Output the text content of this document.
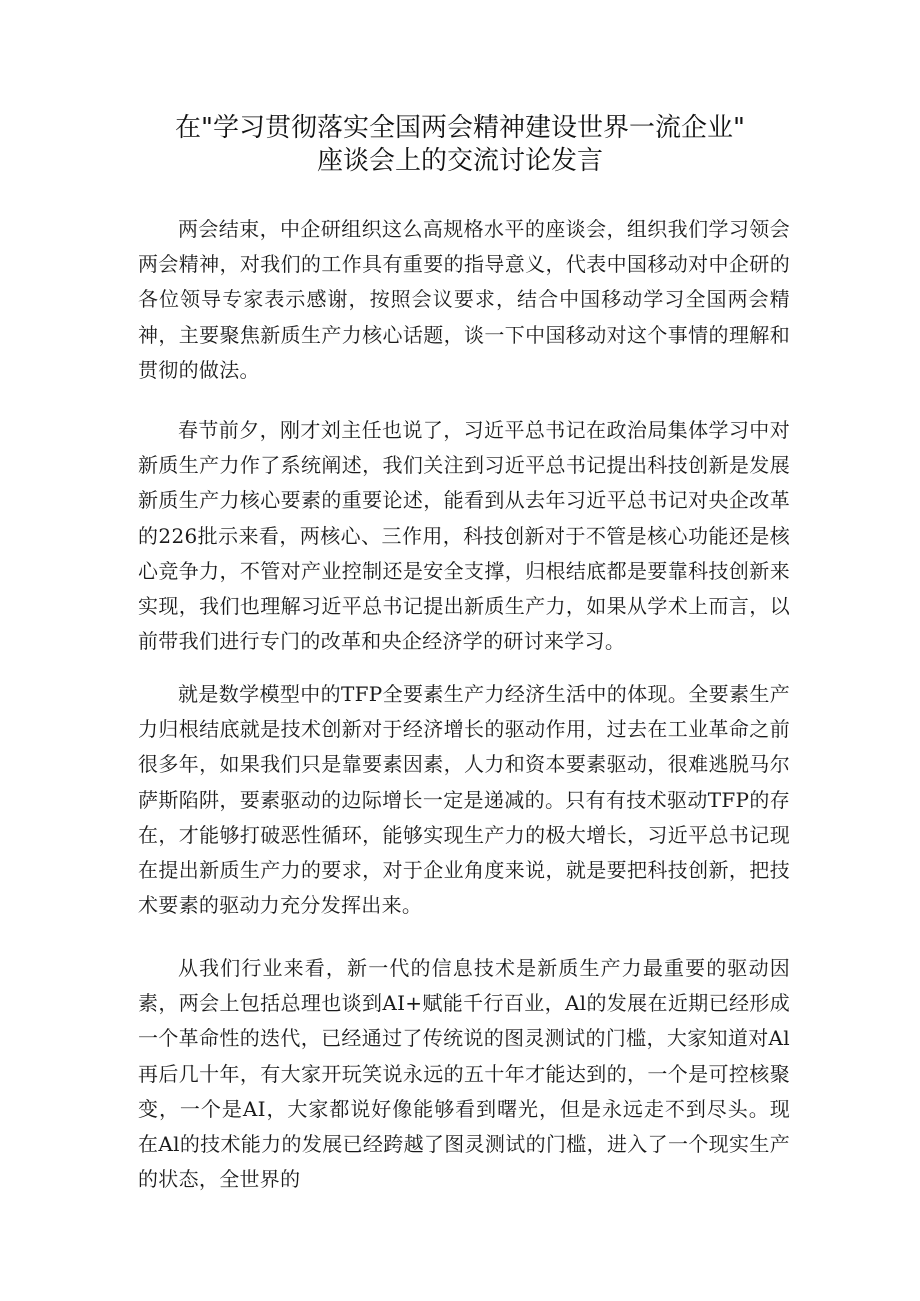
在"学习贯彻落实全国两会精神建设世界一流企业"
座谈会上的交流讨论发言

两会结束，中企研组织这么高规格水平的座谈会，组织我们学习领会两会精神，对我们的工作具有重要的指导意义，代表中国移动对中企研的各位领导专家表示感谢，按照会议要求，结合中国移动学习全国两会精神，主要聚焦新质生产力核心话题，谈一下中国移动对这个事情的理解和贯彻的做法。

春节前夕，刚才刘主任也说了，习近平总书记在政治局集体学习中对新质生产力作了系统阐述，我们关注到习近平总书记提出科技创新是发展新质生产力核心要素的重要论述，能看到从去年习近平总书记对央企改革的226批示来看，两核心、三作用，科技创新对于不管是核心功能还是核心竞争力，不管对产业控制还是安全支撑，归根结底都是要靠科技创新来实现，我们也理解习近平总书记提出新质生产力，如果从学术上而言，以前带我们进行专门的改革和央企经济学的研讨来学习。

就是数学模型中的TFP全要素生产力经济生活中的体现。全要素生产力归根结底就是技术创新对于经济增长的驱动作用，过去在工业革命之前很多年，如果我们只是靠要素因素，人力和资本要素驱动，很难逃脱马尔萨斯陷阱，要素驱动的边际增长一定是递减的。只有有技术驱动TFP的存在，才能够打破恶性循环，能够实现生产力的极大增长，习近平总书记现在提出新质生产力的要求，对于企业角度来说，就是要把科技创新，把技术要素的驱动力充分发挥出来。

从我们行业来看，新一代的信息技术是新质生产力最重要的驱动因素，两会上包括总理也谈到AI+赋能千行百业，Al的发展在近期已经形成一个革命性的迭代，已经通过了传统说的图灵测试的门槛，大家知道对Al再后几十年，有大家开玩笑说永远的五十年才能达到的，一个是可控核聚变，一个是AI，大家都说好像能够看到曙光，但是永远走不到尽头。现在Al的技术能力的发展已经跨越了图灵测试的门槛，进入了一个现实生产的状态，全世界的
